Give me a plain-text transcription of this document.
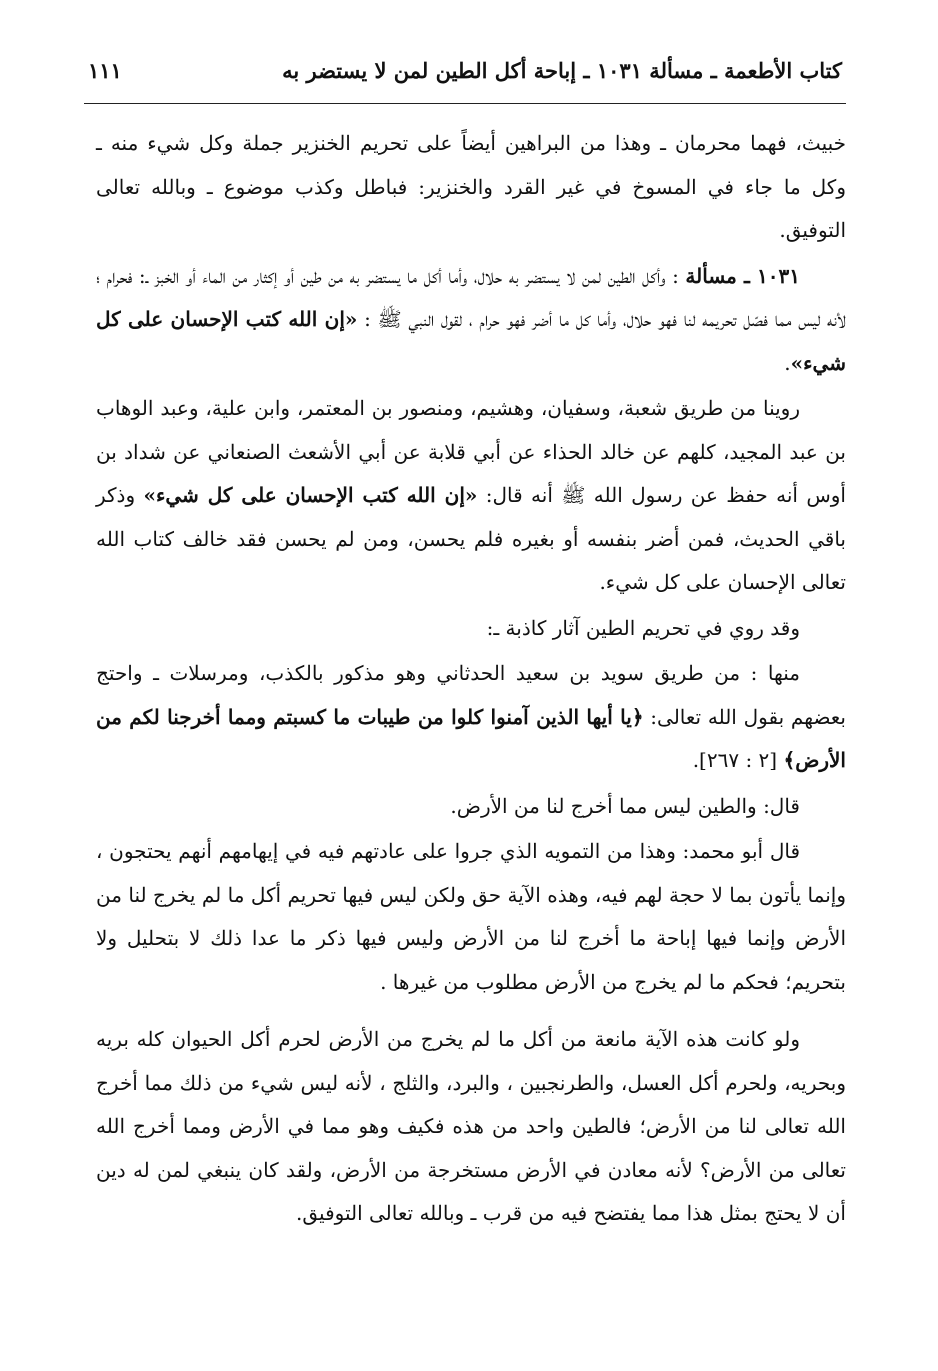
كتاب الأطعمة ـ مسألة ١٠٣١ ـ إباحة أكل الطين لمن لا يستضر به
١١١

خبيث، فهما محرمان ـ وهذا من البراهين أيضاً على تحريم الخنزير جملة وكل شيء منه ـ وكل ما جاء في المسوخ في غير القرد والخنزير: فباطل وكذب موضوع ـ وبالله تعالى التوفيق.

١٠٣١ ـ مسألة : وأكل الطين لمن لا يستضر به حلال، وأما أكل ما يستضر به من طين أو إكثار من الماء أو الخبز ـ: فحرام ؛ لأنه ليس مما فصّل تحريمه لنا فهو حلال، وأما كل ما أضر فهو حرام ، لقول النبي ﷺ : «إن الله كتب الإحسان على كل شيء».

روينا من طريق شعبة، وسفيان، وهشيم، ومنصور بن المعتمر، وابن علية، وعبد الوهاب بن عبد المجيد، كلهم عن خالد الحذاء عن أبي قلابة عن أبي الأشعث الصنعاني عن شداد بن أوس أنه حفظ عن رسول الله ﷺ أنه قال: «إن الله كتب الإحسان على كل شيء» وذكر باقي الحديث، فمن أضر بنفسه أو بغيره فلم يحسن، ومن لم يحسن فقد خالف كتاب الله تعالى الإحسان على كل شيء.

وقد روي في تحريم الطين آثار كاذبة ـ:

منها : من طريق سويد بن سعيد الحدثاني وهو مذكور بالكذب، ومرسلات ـ واحتج بعضهم بقول الله تعالى: ﴿يا أيها الذين آمنوا كلوا من طيبات ما كسبتم ومما أخرجنا لكم من الأرض﴾ [٢ : ٢٦٧].

قال: والطين ليس مما أخرج لنا من الأرض.

قال أبو محمد: وهذا من التمويه الذي جروا على عادتهم فيه في إيهامهم أنهم يحتجون ، وإنما يأتون بما لا حجة لهم فيه، وهذه الآية حق ولكن ليس فيها تحريم أكل ما لم يخرج لنا من الأرض وإنما فيها إباحة ما أخرج لنا من الأرض وليس فيها ذكر ما عدا ذلك لا بتحليل ولا بتحريم؛ فحكم ما لم يخرج من الأرض مطلوب من غيرها .

ولو كانت هذه الآية مانعة من أكل ما لم يخرج من الأرض لحرم أكل الحيوان كله بريه وبحريه، ولحرم أكل العسل، والطرنجبين ، والبرد، والثلج ، لأنه ليس شيء من ذلك مما أخرج الله تعالى لنا من الأرض؛ فالطين واحد من هذه فكيف وهو مما في الأرض ومما أخرج الله تعالى من الأرض؟ لأنه معادن في الأرض مستخرجة من الأرض، ولقد كان ينبغي لمن له دين أن لا يحتج بمثل هذا مما يفتضح فيه من قرب ـ وبالله تعالى التوفيق.
